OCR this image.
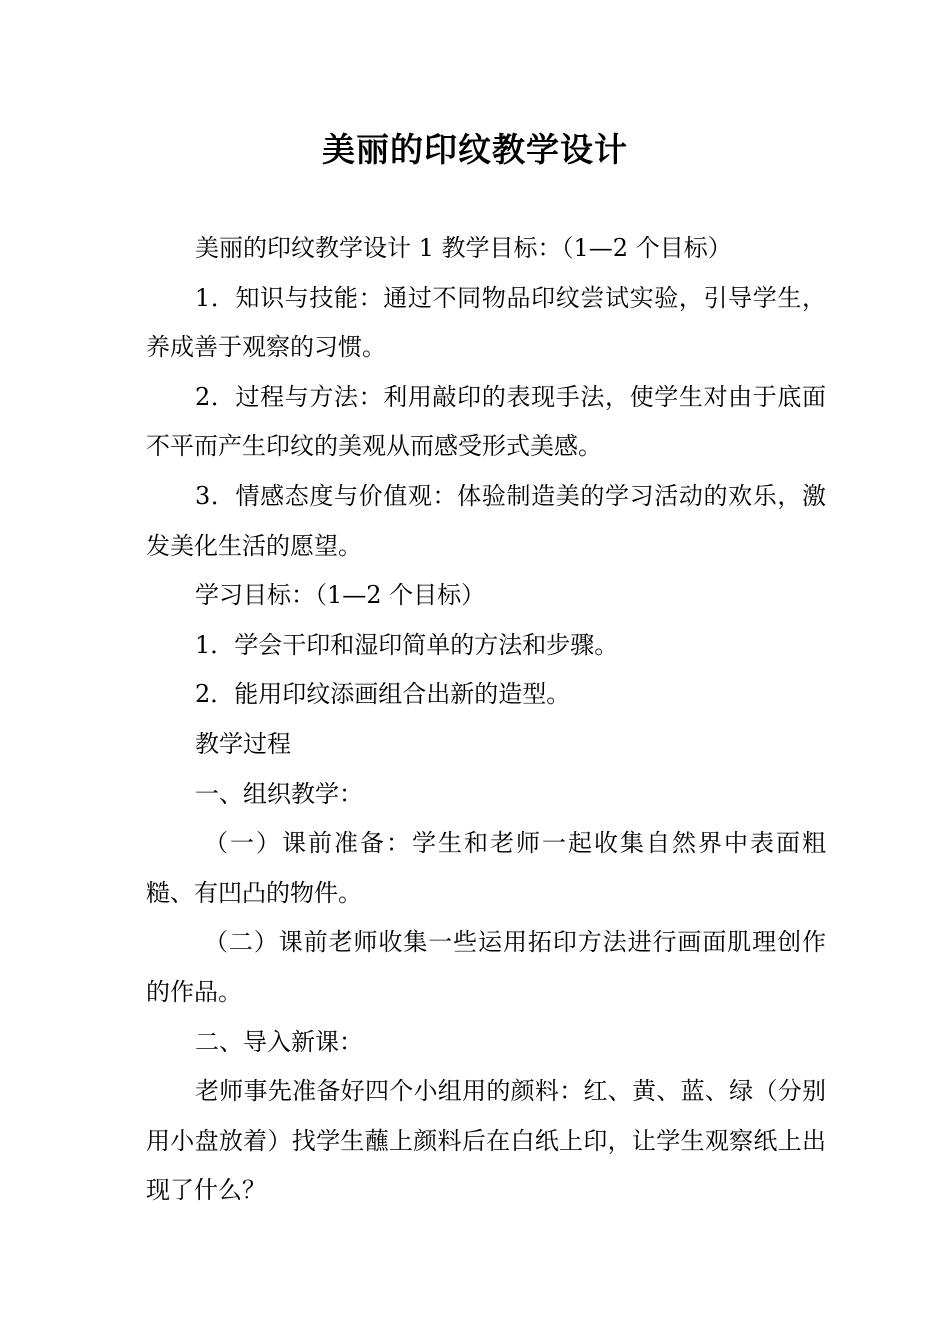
美丽的印纹教学设计

美丽的印纹教学设计 1 教学目标：（1—2 个目标）

1．知识与技能：通过不同物品印纹尝试实验，引导学生，养成善于观察的习惯。

2．过程与方法：利用敲印的表现手法，使学生对由于底面不平而产生印纹的美观从而感受形式美感。

3．情感态度与价值观：体验制造美的学习活动的欢乐，激发美化生活的愿望。

学习目标：（1—2 个目标）

1．学会干印和湿印简单的方法和步骤。

2．能用印纹添画组合出新的造型。

教学过程

一、组织教学：

（一）课前准备：学生和老师一起收集自然界中表面粗糙、有凹凸的物件。

（二）课前老师收集一些运用拓印方法进行画面肌理创作的作品。

二、导入新课：

老师事先准备好四个小组用的颜料：红、黄、蓝、绿（分别用小盘放着）找学生蘸上颜料后在白纸上印，让学生观察纸上出现了什么？
